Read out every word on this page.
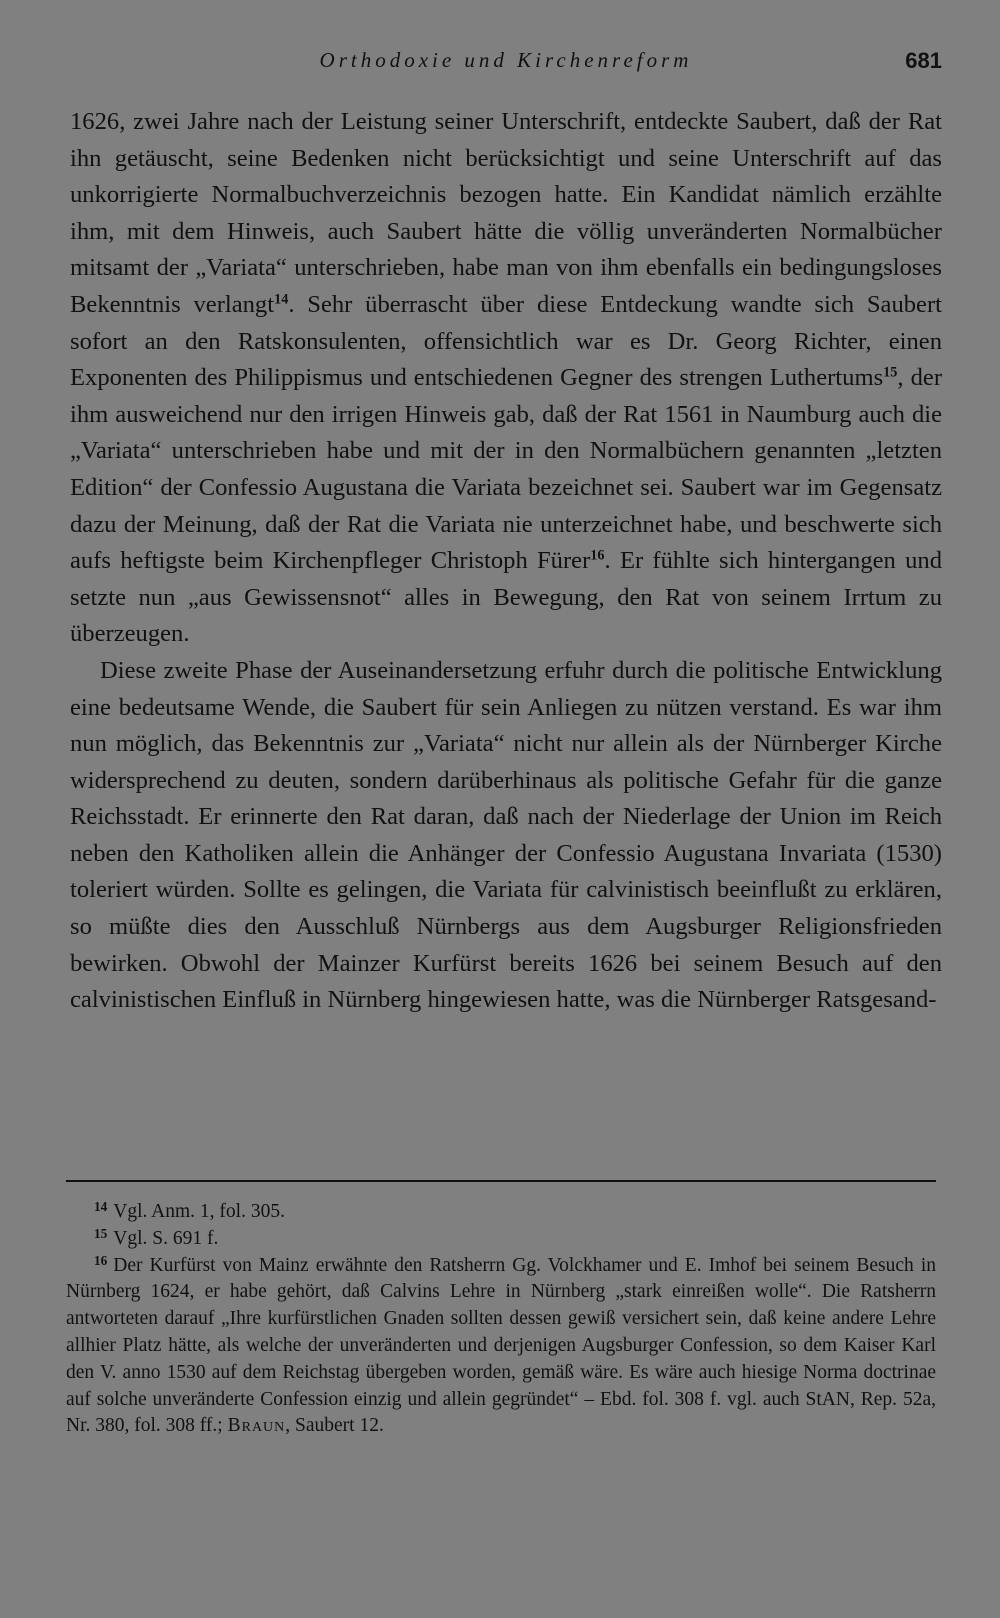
Orthodoxie und Kirchenreform	681

1626, zwei Jahre nach der Leistung seiner Unterschrift, entdeckte Saubert, daß der Rat ihn getäuscht, seine Bedenken nicht berücksichtigt und seine Unterschrift auf das unkorrigierte Normalbuchverzeichnis bezogen hatte. Ein Kandidat nämlich erzählte ihm, mit dem Hinweis, auch Saubert hätte die völlig unveränderten Normalbücher mitsamt der „Variata“ unterschrieben, habe man von ihm ebenfalls ein bedingungsloses Bekenntnis verlangt$^{14}$. Sehr überrascht über diese Entdeckung wandte sich Saubert sofort an den Ratskonsulenten, offensichtlich war es Dr. Georg Richter, einen Exponenten des Philippismus und entschiedenen Gegner des strengen Luthertums$^{15}$, der ihm ausweichend nur den irrigen Hinweis gab, daß der Rat 1561 in Naumburg auch die „Variata“ unterschrieben habe und mit der in den Normalbüchern genannten „letzten Edition“ der Confessio Augustana die Variata bezeichnet sei. Saubert war im Gegensatz dazu der Meinung, daß der Rat die Variata nie unterzeichnet habe, und beschwerte sich aufs heftigste beim Kirchenpfleger Christoph Fürer$^{16}$. Er fühlte sich hintergangen und setzte nun „aus Gewissensnot“ alles in Bewegung, den Rat von seinem Irrtum zu überzeugen.

Diese zweite Phase der Auseinandersetzung erfuhr durch die politische Entwicklung eine bedeutsame Wende, die Saubert für sein Anliegen zu nützen verstand. Es war ihm nun möglich, das Bekenntnis zur „Variata“ nicht nur allein als der Nürnberger Kirche widersprechend zu deuten, sondern darüberhinaus als politische Gefahr für die ganze Reichsstadt. Er erinnerte den Rat daran, daß nach der Niederlage der Union im Reich neben den Katholiken allein die Anhänger der Confessio Augustana Invariata (1530) toleriert würden. Sollte es gelingen, die Variata für calvinistisch beeinflußt zu erklären, so müßte dies den Ausschluß Nürnbergs aus dem Augsburger Religionsfrieden bewirken. Obwohl der Mainzer Kurfürst bereits 1626 bei seinem Besuch auf den calvinistischen Einfluß in Nürnberg hingewiesen hatte, was die Nürnberger Ratsgesand-

$^{14}$ Vgl. Anm. 1, fol. 305.

$^{15}$ Vgl. S. 691 f.

$^{16}$ Der Kurfürst von Mainz erwähnte den Ratsherrn Gg. Volckhamer und E. Imhof bei seinem Besuch in Nürnberg 1624, er habe gehört, daß Calvins Lehre in Nürnberg „stark einreißen wolle“. Die Ratsherrn antworteten darauf „Ihre kurfürstlichen Gnaden sollten dessen gewiß versichert sein, daß keine andere Lehre allhier Platz hätte, als welche der unveränderten und derjenigen Augsburger Confession, so dem Kaiser Karl den V. anno 1530 auf dem Reichstag übergeben worden, gemäß wäre. Es wäre auch hiesige Norma doctrinae auf solche unveränderte Confession einzig und allein gegründet“ – Ebd. fol. 308 f. vgl. auch StAN, Rep. 52a, Nr. 380, fol. 308 ff.; Braun, Saubert 12.
